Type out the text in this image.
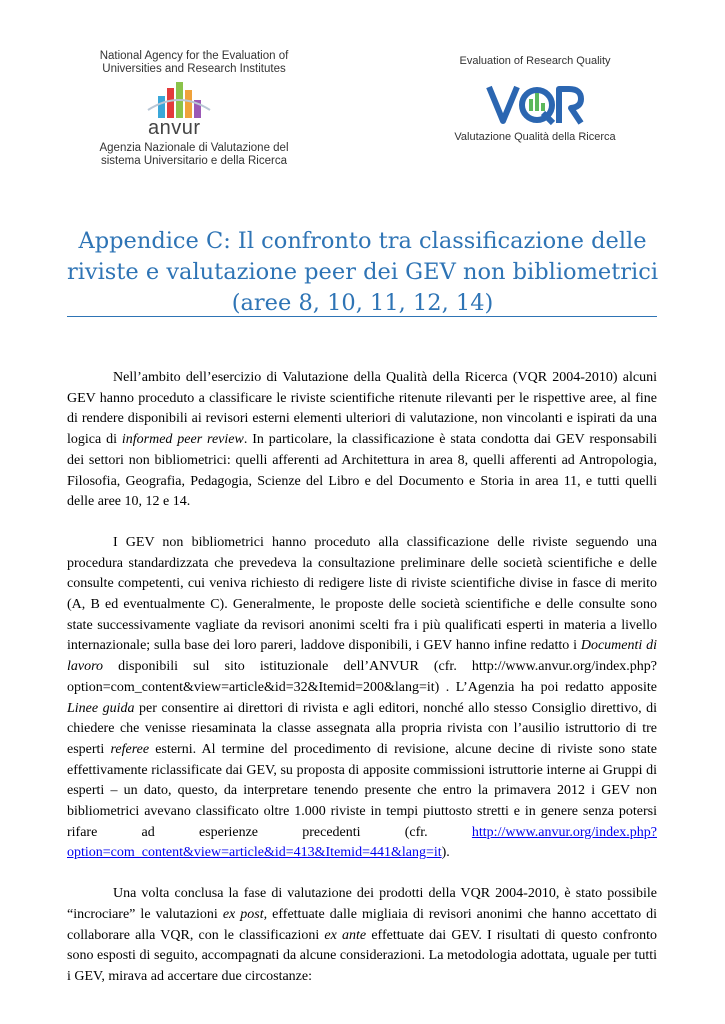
National Agency for the Evaluation of Universities and Research Institutes

anvur

Agenzia Nazionale di Valutazione del sistema Universitario e della Ricerca

Evaluation of Research Quality

Valutazione Qualità della Ricerca

Appendice C: Il confronto tra classificazione delle
riviste e valutazione peer dei GEV non bibliometrici
(aree 8, 10, 11, 12, 14)

Nell’ambito dell’esercizio di Valutazione della Qualità della Ricerca (VQR 2004-2010) alcuni GEV hanno proceduto a classificare le riviste scientifiche ritenute rilevanti per le rispettive aree, al fine di rendere disponibili ai revisori esterni elementi ulteriori di valutazione, non vincolanti e ispirati da una logica di informed peer review. In particolare, la classificazione è stata condotta dai GEV responsabili dei settori non bibliometrici: quelli afferenti ad Architettura in area 8, quelli afferenti ad Antropologia, Filosofia, Geografia, Pedagogia, Scienze del Libro e del Documento e Storia in area 11, e tutti quelli delle aree 10, 12 e 14.

I GEV non bibliometrici hanno proceduto alla classificazione delle riviste seguendo una procedura standardizzata che prevedeva la consultazione preliminare delle società scientifiche e delle consulte competenti, cui veniva richiesto di redigere liste di riviste scientifiche divise in fasce di merito (A, B ed eventualmente C). Generalmente, le proposte delle società scientifiche e delle consulte sono state successivamente vagliate da revisori anonimi scelti fra i più qualificati esperti in materia a livello internazionale; sulla base dei loro pareri, laddove disponibili, i GEV hanno infine redatto i Documenti di lavoro disponibili sul sito istituzionale dell’ANVUR (cfr. http://www.anvur.org/index.php?option=com_content&view=article&id=32&Itemid=200&lang=it) . L’Agenzia ha poi redatto apposite Linee guida per consentire ai direttori di rivista e agli editori, nonché allo stesso Consiglio direttivo, di chiedere che venisse riesaminata la classe assegnata alla propria rivista con l’ausilio istruttorio di tre esperti referee esterni. Al termine del procedimento di revisione, alcune decine di riviste sono state effettivamente riclassificate dai GEV, su proposta di apposite commissioni istruttorie interne ai Gruppi di esperti – un dato, questo, da interpretare tenendo presente che entro la primavera 2012 i GEV non bibliometrici avevano classificato oltre 1.000 riviste in tempi piuttosto stretti e in genere senza potersi rifare ad esperienze precedenti (cfr. http://www.anvur.org/index.php?option=com_content&view=article&id=413&Itemid=441&lang=it).

Una volta conclusa la fase di valutazione dei prodotti della VQR 2004-2010, è stato possibile “incrociare” le valutazioni ex post, effettuate dalle migliaia di revisori anonimi che hanno accettato di collaborare alla VQR, con le classificazioni ex ante effettuate dai GEV. I risultati di questo confronto sono esposti di seguito, accompagnati da alcune considerazioni. La metodologia adottata, uguale per tutti i GEV, mirava ad accertare due circostanze:
